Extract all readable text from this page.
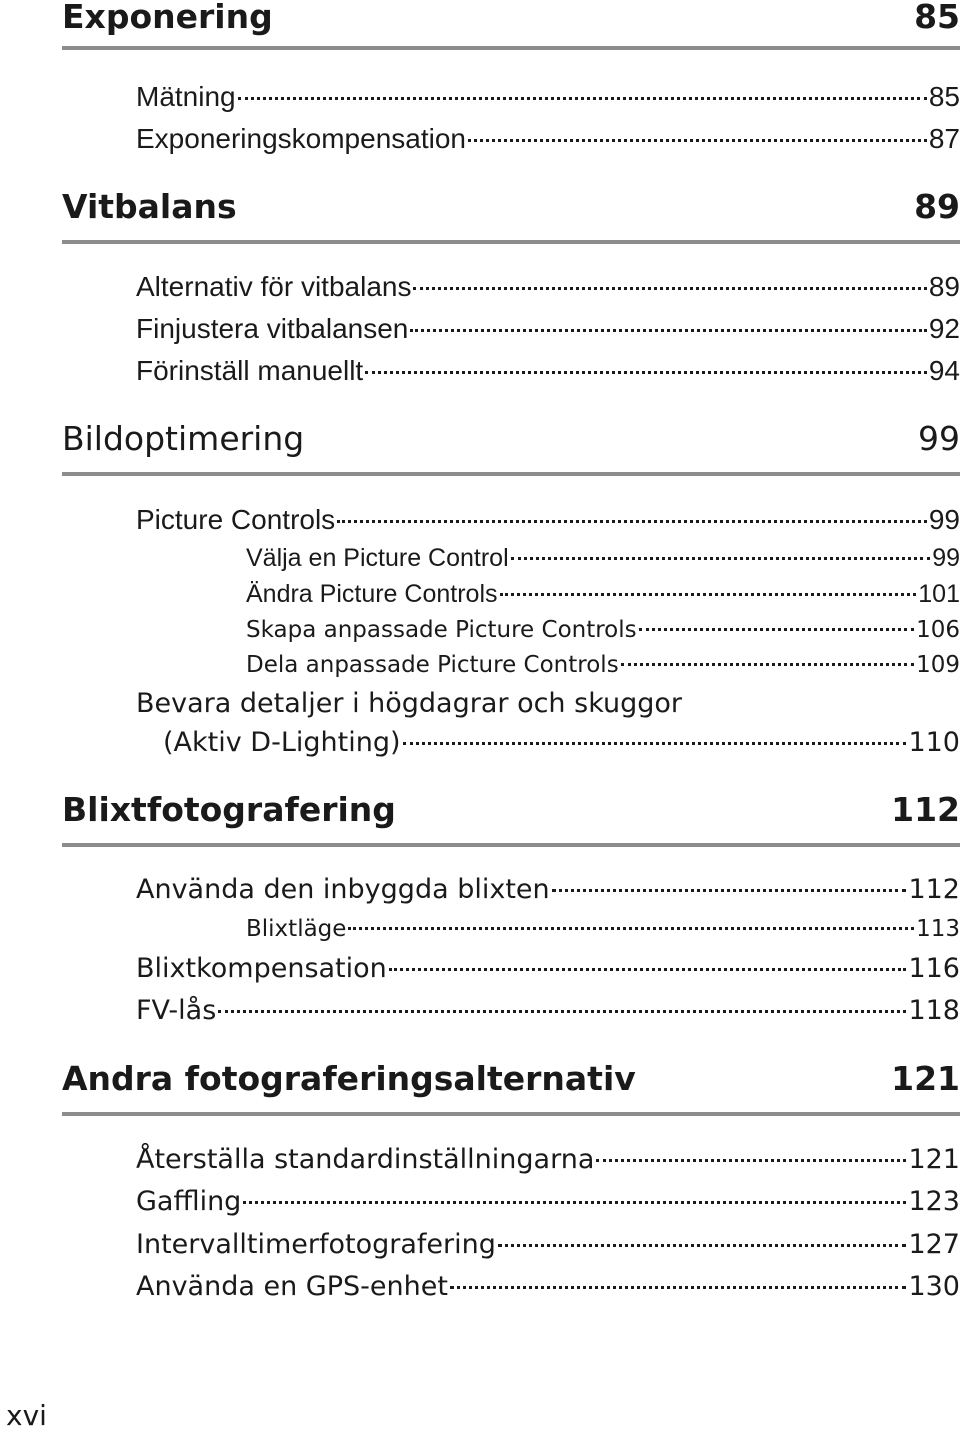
Exponering	85
Mätning	85
Exponeringskompensation	87
Vitbalans	89
Alternativ för vitbalans	89
Finjustera vitbalansen	92
Förinställ manuellt	94
Bildoptimering	99
Picture Controls	99
Välja en Picture Control	99
Ändra Picture Controls	101
Skapa anpassade Picture Controls	106
Dela anpassade Picture Controls	109
Bevara detaljer i högdagrar och skuggor
(Aktiv D-Lighting)	110
Blixtfotografering	112
Använda den inbyggda blixten	112
Blixtläge	113
Blixtkompensation	116
FV-lås	118
Andra fotograferingsalternativ	121
Återställa standardinställningarna	121
Gaffling	123
Intervalltimerfotografering	127
Använda en GPS-enhet	130
xvi
